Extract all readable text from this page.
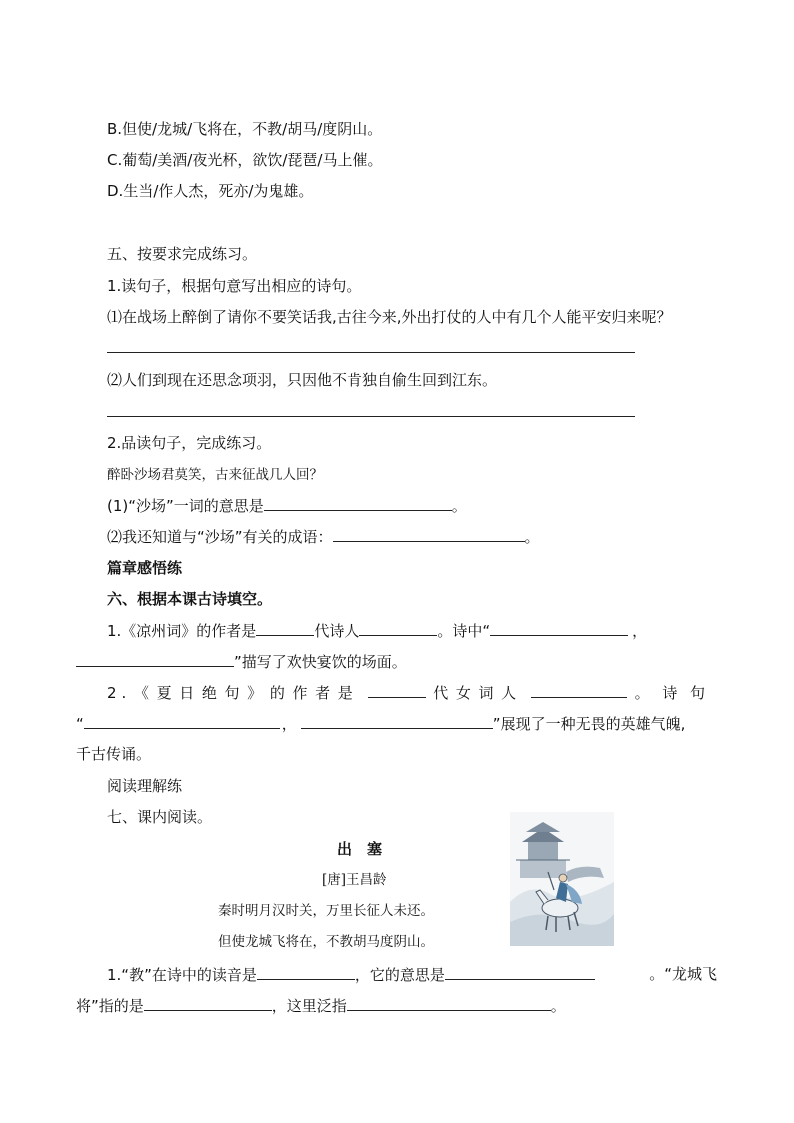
B.但使/龙城/飞将在，不教/胡马/度阴山。
C.葡萄/美酒/夜光杯，欲饮/琵琶/马上催。
D.生当/作人杰，死亦/为鬼雄。
五、按要求完成练习。
1.读句子，根据句意写出相应的诗句。
⑴在战场上醉倒了请你不要笑话我,古往今来,外出打仗的人中有几个人能平安归来呢？
⑵人们到现在还思念项羽，只因他不肯独自偷生回到江东。
2.品读句子，完成练习。
醉卧沙场君莫笑，古来征战几人回？
(1)“沙场”一词的意思是	。
⑵我还知道与“沙场”有关的成语：	。
篇章感悟练
六、根据本课古诗填空。
1.《凉州词》的作者是	代诗人	。诗中“	，
”描写了欢快宴饮的场面。
2.《夏日绝句》的作者是	代女词人	。诗句
“	，	”展现了一种无畏的英雄气魄,
千古传诵。
阅读理解练
七、课内阅读。
出　塞
[唐]王昌龄
秦时明月汉时关，万里长征人未还。
但使龙城飞将在，不教胡马度阴山。
1.“教”在诗中的读音是	，它的意思是	。“龙城飞
将”指的是	，这里泛指	。
